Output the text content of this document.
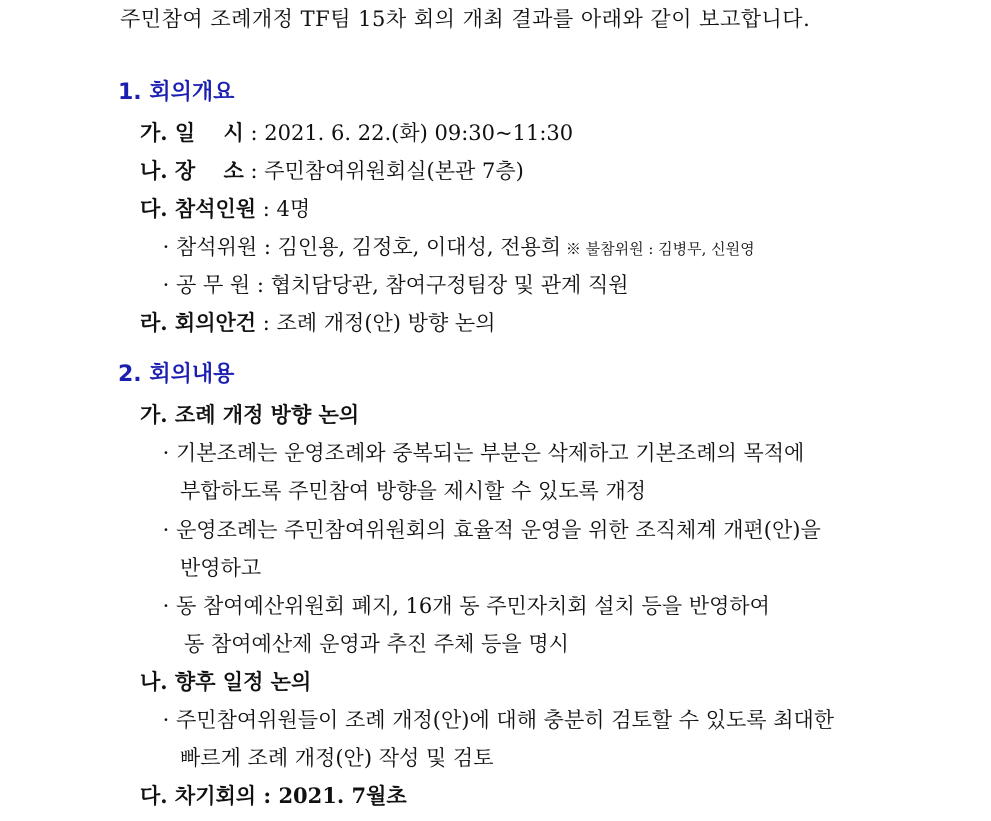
주민참여 조례개정 TF팀 15차 회의 개최 결과를 아래와 같이 보고합니다.
1. 회의개요
가. 일　 시 : 2021. 6. 22.(화) 09:30~11:30
나. 장　 소 : 주민참여위원회실(본관 7층)
다. 참석인원 : 4명
· 참석위원 : 김인용, 김정호, 이대성, 전용희 ※ 불참위원 : 김병무, 신원영
· 공 무 원 : 협치담당관, 참여구정팀장 및 관계 직원
라. 회의안건 : 조례 개정(안) 방향 논의
2. 회의내용
가. 조례 개정 방향 논의
· 기본조례는 운영조례와 중복되는 부분은 삭제하고 기본조례의 목적에
부합하도록 주민참여 방향을 제시할 수 있도록 개정
· 운영조례는 주민참여위원회의 효율적 운영을 위한 조직체계 개편(안)을
반영하고
· 동 참여예산위원회 폐지, 16개 동 주민자치회 설치 등을 반영하여
동 참여예산제 운영과 추진 주체 등을 명시
나. 향후 일정 논의
· 주민참여위원들이 조례 개정(안)에 대해 충분히 검토할 수 있도록 최대한
빠르게 조례 개정(안) 작성 및 검토
다. 차기회의 : 2021. 7월초
